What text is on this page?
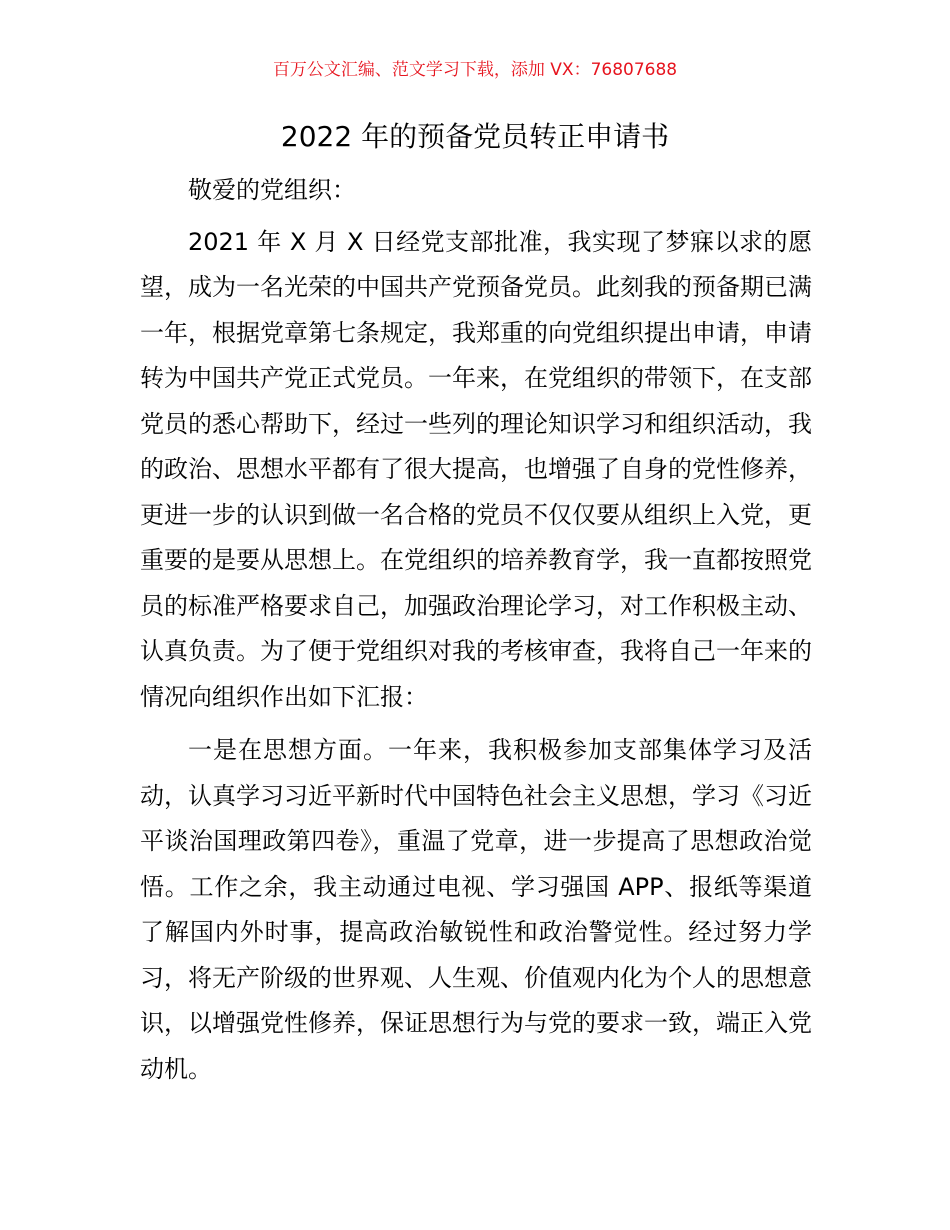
百万公文汇编、范文学习下载，添加 VX：76807688
2022 年的预备党员转正申请书

敬爱的党组织：

2021 年 X 月 X 日经党支部批准，我实现了梦寐以求的愿望，成为一名光荣的中国共产党预备党员。此刻我的预备期已满一年，根据党章第七条规定，我郑重的向党组织提出申请，申请转为中国共产党正式党员。一年来，在党组织的带领下，在支部党员的悉心帮助下，经过一些列的理论知识学习和组织活动，我的政治、思想水平都有了很大提高，也增强了自身的党性修养，更进一步的认识到做一名合格的党员不仅仅要从组织上入党，更重要的是要从思想上。在党组织的培养教育学，我一直都按照党员的标准严格要求自己，加强政治理论学习，对工作积极主动、认真负责。为了便于党组织对我的考核审查，我将自己一年来的情况向组织作出如下汇报：

一是在思想方面。一年来，我积极参加支部集体学习及活动，认真学习习近平新时代中国特色社会主义思想，学习《习近平谈治国理政第四卷》，重温了党章，进一步提高了思想政治觉悟。工作之余，我主动通过电视、学习强国 APP、报纸等渠道了解国内外时事，提高政治敏锐性和政治警觉性。经过努力学习，将无产阶级的世界观、人生观、价值观内化为个人的思想意识，以增强党性修养，保证思想行为与党的要求一致，端正入党动机。
